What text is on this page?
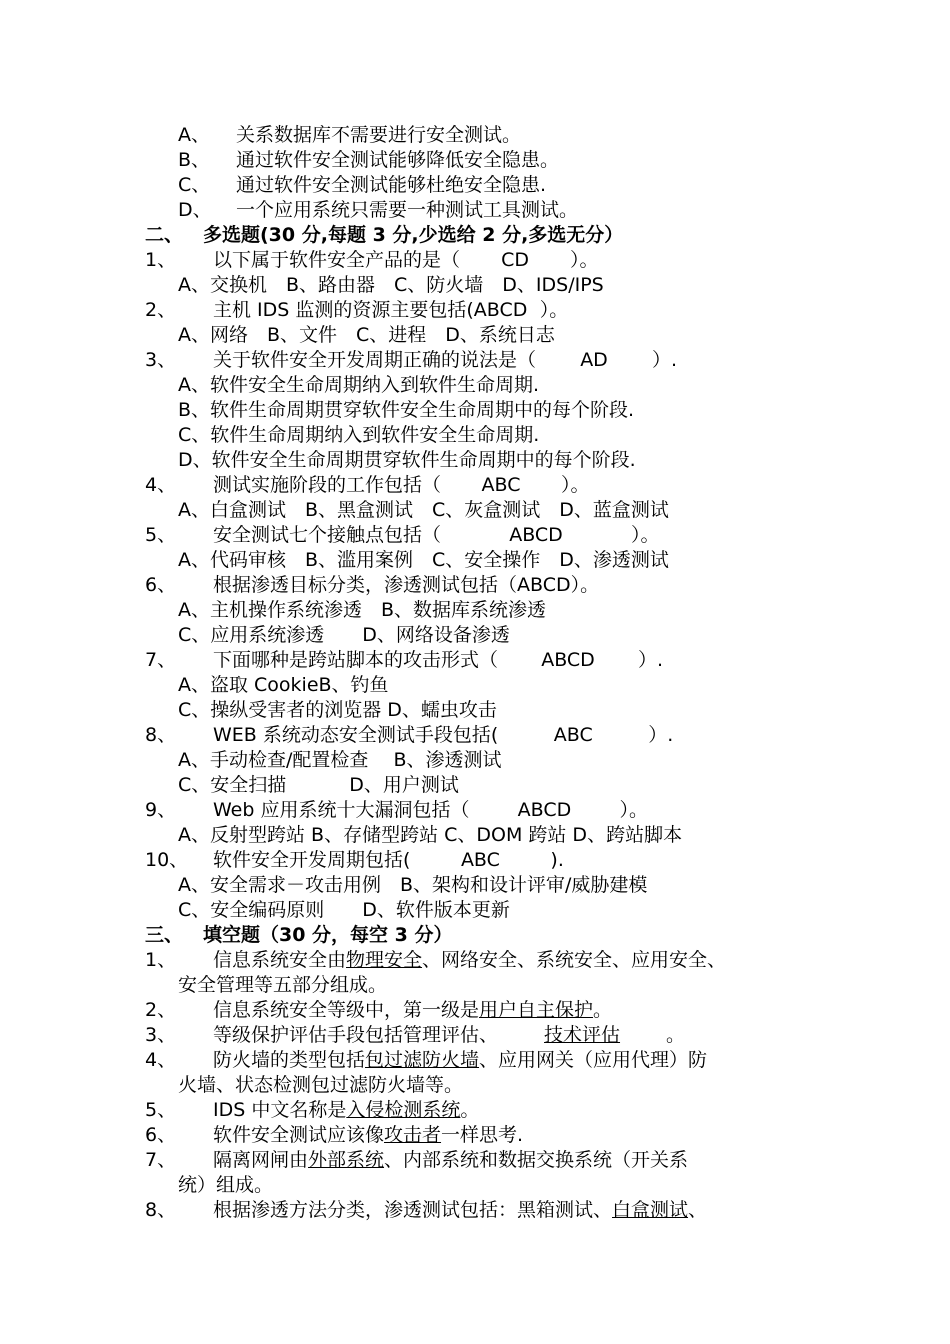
A、 关系数据库不需要进行安全测试。
B、 通过软件安全测试能够降低安全隐患。
C、 通过软件安全测试能够杜绝安全隐患.
D、 一个应用系统只需要一种测试工具测试。
二、 多选题(30 分,每题 3 分,少选给 2 分,多选无分）
1、 以下属于软件安全产品的是（ CD ）。
A、交换机　B、路由器　C、防火墙　D、IDS/IPS
2、 主机 IDS 监测的资源主要包括(ABCD ）。
A、网络　B、文件　C、进程　D、系统日志
3、 关于软件安全开发周期正确的说法是（ AD ）.
A、软件安全生命周期纳入到软件生命周期.
B、软件生命周期贯穿软件安全生命周期中的每个阶段.
C、软件生命周期纳入到软件安全生命周期.
D、软件安全生命周期贯穿软件生命周期中的每个阶段.
4、 测试实施阶段的工作包括（ ABC ）。
A、白盒测试　B、黑盒测试　C、灰盒测试　D、蓝盒测试
5、 安全测试七个接触点包括（	ABCD	）。
A、代码审核　B、滥用案例　C、安全操作　D、渗透测试
6、 根据渗透目标分类，渗透测试包括（ABCD）。
A、主机操作系统渗透　B、数据库系统渗透
C、应用系统渗透　　D、网络设备渗透
7、 下面哪种是跨站脚本的攻击形式（ ABCD ）.
A、盗取 CookieB、钓鱼
C、操纵受害者的浏览器 D、蠕虫攻击
8、 WEB 系统动态安全测试手段包括(	ABC	）.
A、手动检查/配置检查　 B、渗透测试
C、安全扫描　　　 D、用户测试
9、 Web 应用系统十大漏洞包括（	ABCD	）。
A、反射型跨站 B、存储型跨站 C、DOM 跨站 D、跨站脚本
10、 软件安全开发周期包括(	ABC	).
A、安全需求－攻击用例　B、架构和设计评审/威胁建模
C、安全编码原则　　D、软件版本更新
三、 填空题（30 分，每空 3 分）
1、 信息系统安全由物理安全、网络安全、系统安全、应用安全、
安全管理等五部分组成。
2、 信息系统安全等级中，第一级是用户自主保护。
3、 等级保护评估手段包括管理评估、 技术评估 。
4、 防火墙的类型包括包过滤防火墙、应用网关（应用代理）防
火墙、状态检测包过滤防火墙等。
5、 IDS 中文名称是入侵检测系统。
6、 软件安全测试应该像攻击者一样思考.
7、 隔离网闸由外部系统、内部系统和数据交换系统（开关系
统）组成。
8、 根据渗透方法分类，渗透测试包括：黑箱测试、白盒测试、
